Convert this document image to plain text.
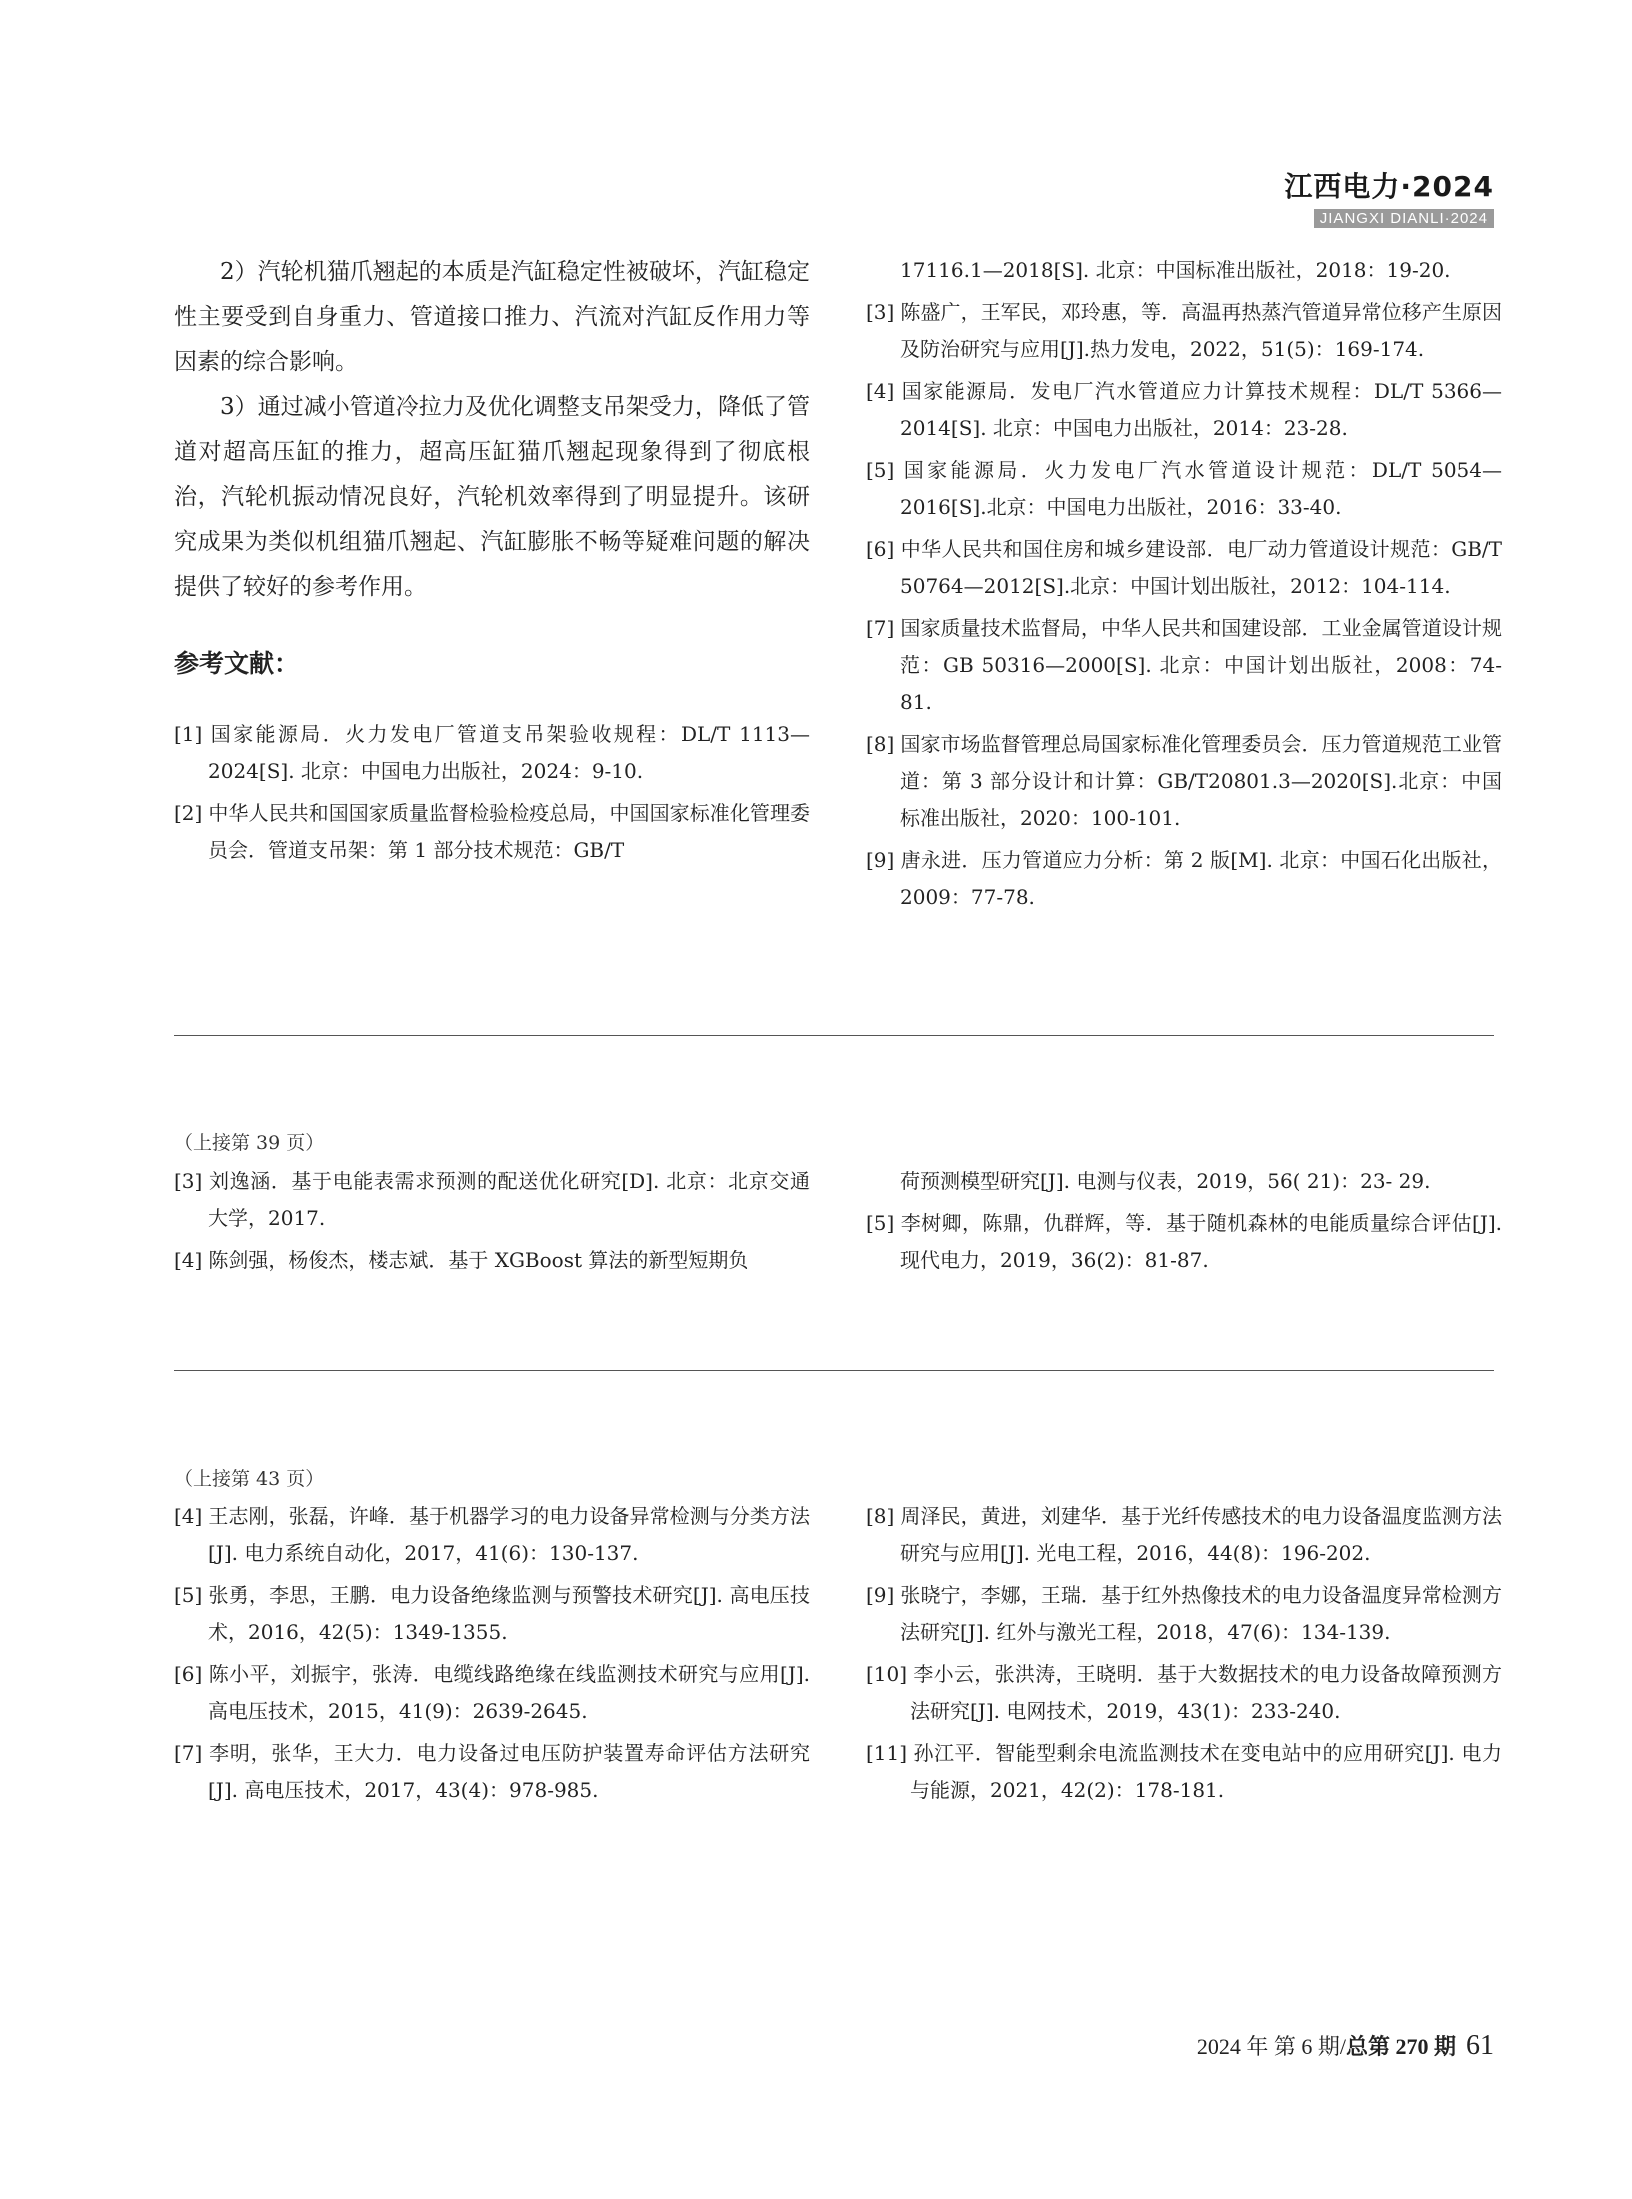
江西电力·2024
JIANGXI DIANLI·2024

2）汽轮机猫爪翘起的本质是汽缸稳定性被破坏，汽缸稳定性主要受到自身重力、管道接口推力、汽流对汽缸反作用力等因素的综合影响。

3）通过减小管道冷拉力及优化调整支吊架受力，降低了管道对超高压缸的推力，超高压缸猫爪翘起现象得到了彻底根治，汽轮机振动情况良好，汽轮机效率得到了明显提升。该研究成果为类似机组猫爪翘起、汽缸膨胀不畅等疑难问题的解决提供了较好的参考作用。

参考文献：

[1] 国家能源局．火力发电厂管道支吊架验收规程：DL/T 1113—2024[S]. 北京：中国电力出版社，2024：9-10.
[2] 中华人民共和国国家质量监督检验检疫总局，中国国家标准化管理委员会．管道支吊架：第 1 部分技术规范：GB/T

17116.1—2018[S]. 北京：中国标准出版社，2018：19-20.

[3] 陈盛广，王军民，邓玲惠，等．高温再热蒸汽管道异常位移产生原因及防治研究与应用[J].热力发电，2022，51(5)：169-174.
[4] 国家能源局．发电厂汽水管道应力计算技术规程：DL/T 5366—2014[S]. 北京：中国电力出版社，2014：23-28.
[5] 国家能源局．火力发电厂汽水管道设计规范：DL/T 5054—2016[S].北京：中国电力出版社，2016：33-40.
[6] 中华人民共和国住房和城乡建设部．电厂动力管道设计规范：GB/T 50764—2012[S].北京：中国计划出版社，2012：104-114.
[7] 国家质量技术监督局，中华人民共和国建设部．工业金属管道设计规范：GB 50316—2000[S]. 北京：中国计划出版社，2008：74-81.
[8] 国家市场监督管理总局国家标准化管理委员会．压力管道规范工业管道：第 3 部分设计和计算：GB/T20801.3—2020[S].北京：中国标准出版社，2020：100-101.
[9] 唐永进．压力管道应力分析：第 2 版[M]. 北京：中国石化出版社，2009：77-78.
（上接第 39 页）
[3] 刘逸涵．基于电能表需求预测的配送优化研究[D]. 北京：北京交通大学，2017.
[4] 陈剑强，杨俊杰，楼志斌．基于 XGBoost 算法的新型短期负

荷预测模型研究[J]. 电测与仪表，2019，56( 21)：23- 29.

[5] 李树卿，陈鼎，仇群辉，等．基于随机森林的电能质量综合评估[J]. 现代电力，2019，36(2)：81-87.
（上接第 43 页）
[4] 王志刚，张磊，许峰．基于机器学习的电力设备异常检测与分类方法[J]. 电力系统自动化，2017，41(6)：130-137.
[5] 张勇，李思，王鹏．电力设备绝缘监测与预警技术研究[J]. 高电压技术，2016，42(5)：1349-1355.
[6] 陈小平，刘振宇，张涛．电缆线路绝缘在线监测技术研究与应用[J]. 高电压技术，2015，41(9)：2639-2645.
[7] 李明，张华，王大力．电力设备过电压防护装置寿命评估方法研究[J]. 高电压技术，2017，43(4)：978-985.
[8] 周泽民，黄进，刘建华．基于光纤传感技术的电力设备温度监测方法研究与应用[J]. 光电工程，2016，44(8)：196-202.
[9] 张晓宁，李娜，王瑞．基于红外热像技术的电力设备温度异常检测方法研究[J]. 红外与激光工程，2018，47(6)：134-139.
[10] 李小云，张洪涛，王晓明．基于大数据技术的电力设备故障预测方法研究[J]. 电网技术，2019，43(1)：233-240.
[11] 孙江平．智能型剩余电流监测技术在变电站中的应用研究[J]. 电力与能源，2021，42(2)：178-181.
2024 年 第 6 期/总第 270 期 61
